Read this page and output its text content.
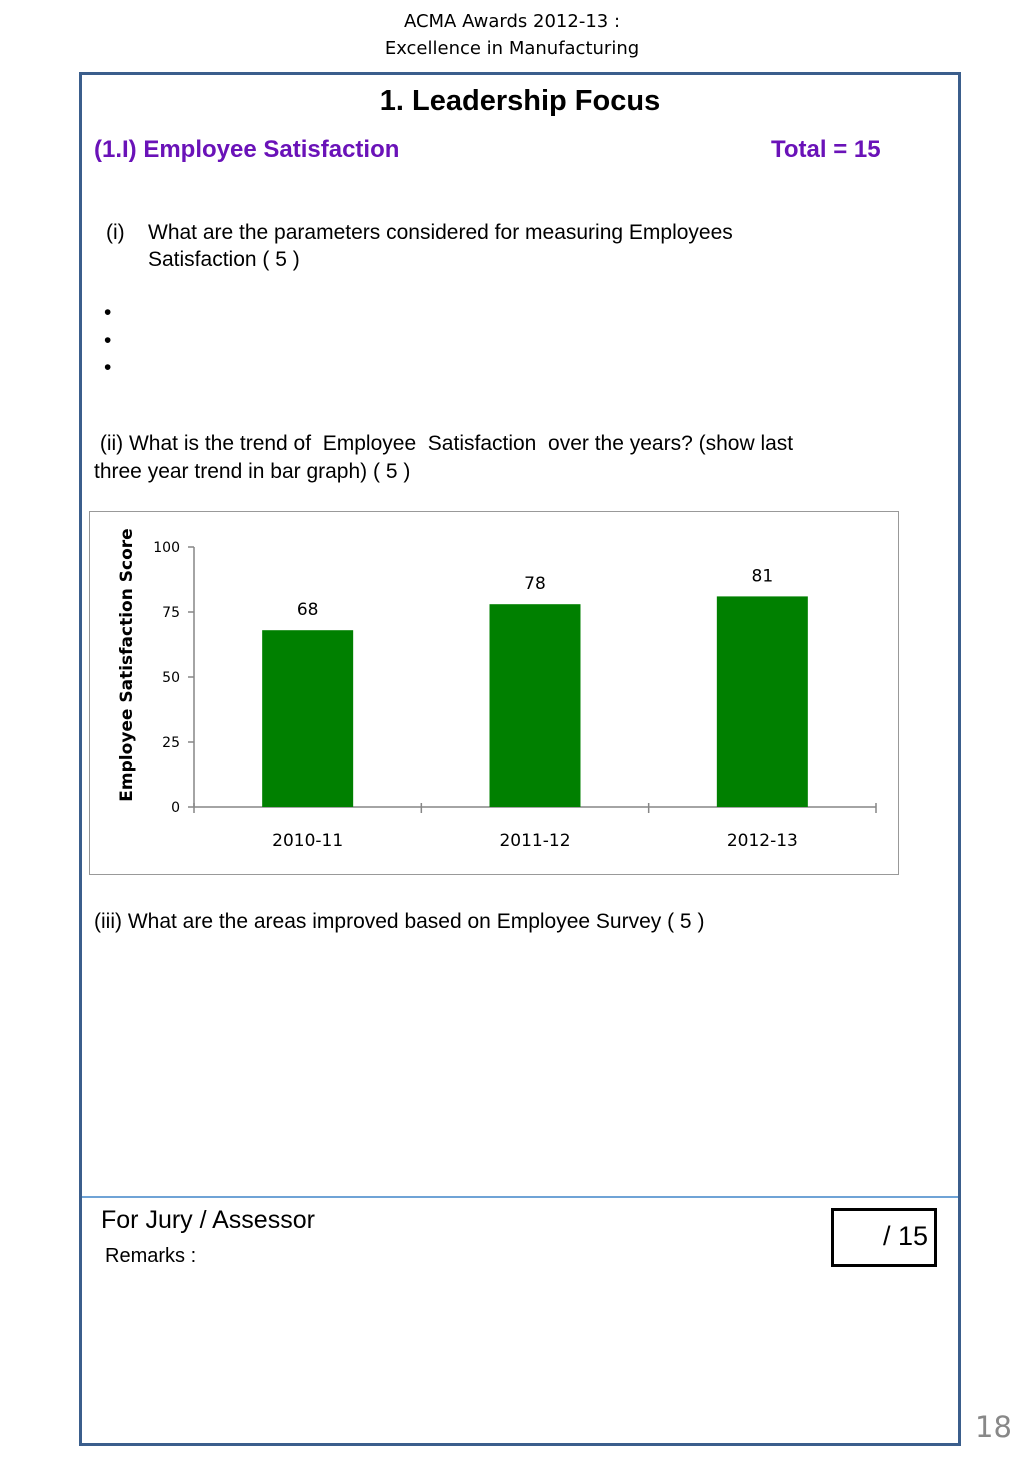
ACMA Awards 2012-13 :
Excellence in Manufacturing
1. Leadership Focus
(1.I) Employee Satisfaction	Total = 15
(i) What are the parameters considered for measuring Employees
Satisfaction ( 5 )
•
•
•
(ii) What is the trend of  Employee  Satisfaction  over the years? (show last
three year trend in bar graph) ( 5 )
0
25
50
75
100
68
2010-11
78
2011-12
81
2012-13
Employee Satisfaction Score
(iii) What are the areas improved based on Employee Survey ( 5 )
For Jury / Assessor
Remarks :
/ 15
18
